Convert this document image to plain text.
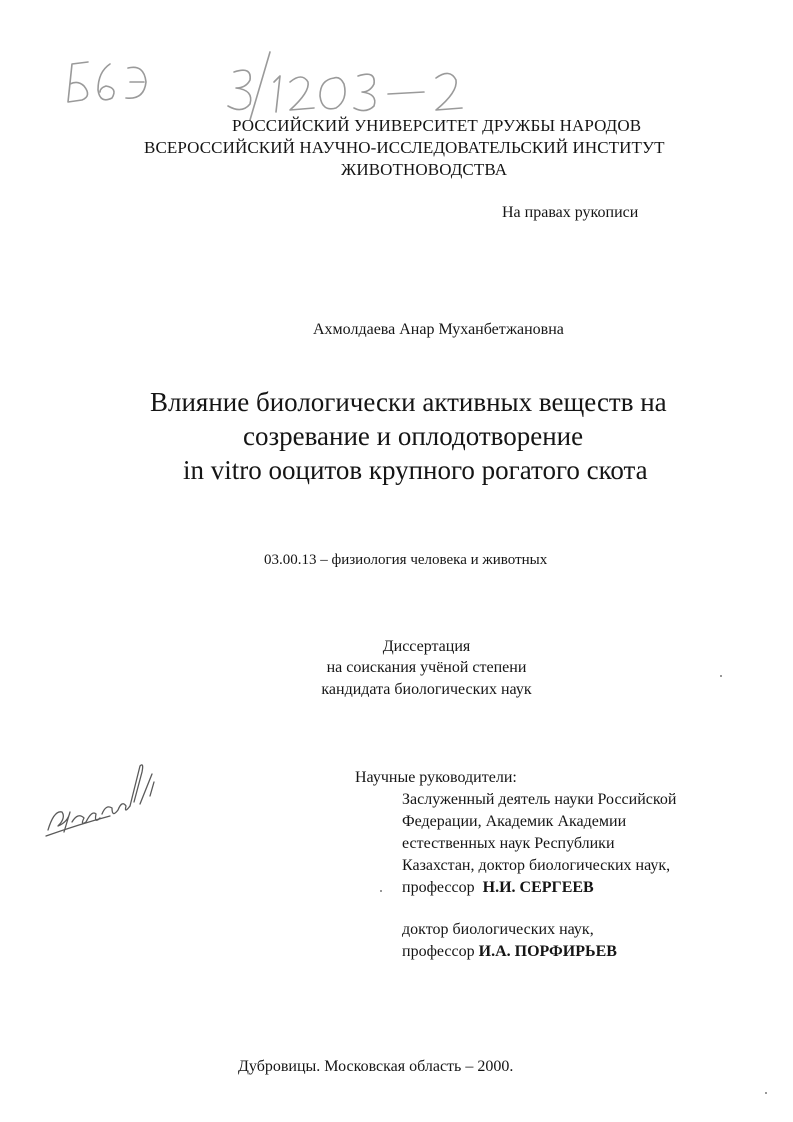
Ѣ6Э 3/1203-2	РОССИЙСКИЙ УНИВЕРСИТЕТ ДРУЖБЫ НАРОДОВ
ВСЕРОССИЙСКИЙ НАУЧНО-ИССЛЕДОВАТЕЛЬСКИЙ ИНСТИТУТ
ЖИВОТНОВОДСТВА
На правах рукописи
Ахмолдаева Анар Муханбетжановна
Влияние биологически активных веществ на
созревание и оплодотворение
in vitro ооцитов крупного рогатого скота
03.00.13 – физиология человека и животных
Диссертация
на соискания учёной степени
кандидата биологических наук
Ахмол/
Научные руководители:
Заслуженный деятель науки Российской
Федерации, Академик Академии
естественных наук Республики
Казахстан, доктор биологических наук,
профессор  Н.И. СЕРГЕЕВ
доктор биологических наук,
профессор И.А. ПОРФИРЬЕВ
Дубровицы. Московская область – 2000.
